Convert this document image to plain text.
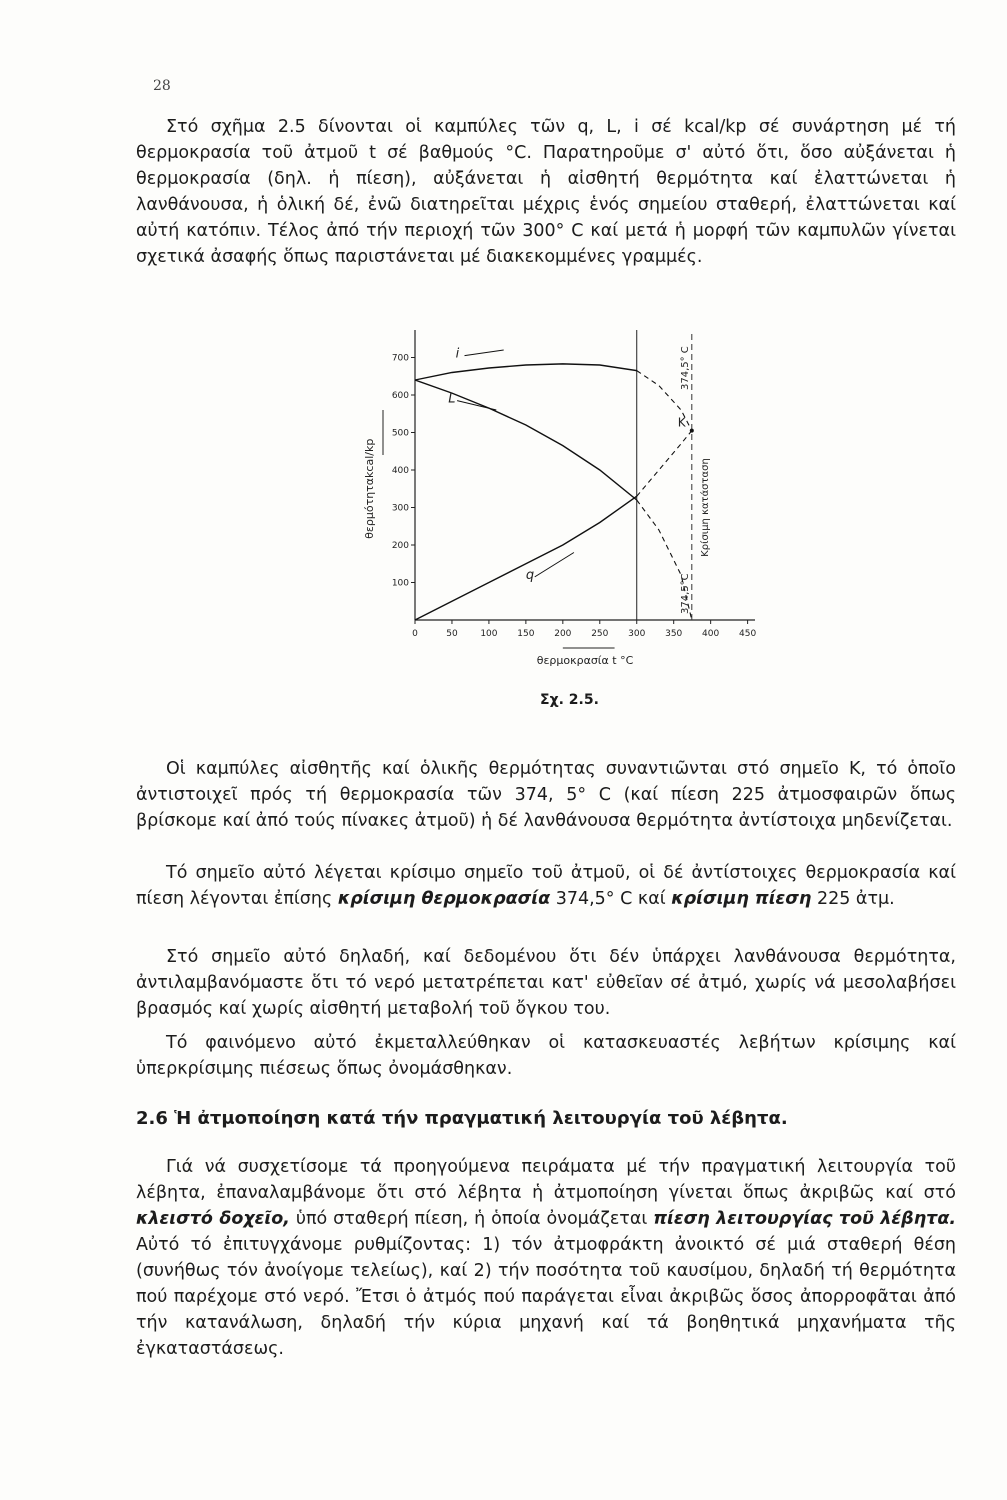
28

Στό σχῆμα 2.5 δίνονται οἱ καμπύλες τῶν q, L, i σέ kcal/kp σέ συνάρτηση μέ τή θερμοκρασία τοῦ ἀτμοῦ t σέ βαθμούς °C. Παρατηροῦμε σ' αὐτό ὅτι, ὅσο αὐξάνεται ἡ θερμοκρασία (δηλ. ἡ πίεση), αὐξάνεται ἡ αἰσθητή θερμότητα καί ἐλαττώνεται ἡ λανθάνουσα, ἡ ὁλική δέ, ἐνῶ διατηρεῖται μέχρις ἑνός σημείου σταθερή, ἐλαττώνεται καί αὐτή κατόπιν. Τέλος ἀπό τήν περιοχή τῶν 300° C καί μετά ἡ μορφή τῶν καμπυλῶν γίνεται σχετικά ἀσαφής ὅπως παριστάνεται μέ διακεκομμένες γραμμές.

0	50	100 150 200 250 300 350 400 450
100
200
300
400
500
600
700	i
L
q
K
θερμοκρασία t °C
θερμότηταkcal/kp
374,5° C
374,5°C
Κρίσιμη κατάσταση
Σχ. 2.5.

Οἱ καμπύλες αἰσθητῆς καί ὁλικῆς θερμότητας συναντιῶνται στό σημεῖο Κ, τό ὁποῖο ἀντιστοιχεῖ πρός τή θερμοκρασία τῶν 374, 5° C (καί πίεση 225 ἀτμοσφαιρῶν ὅπως βρίσκομε καί ἀπό τούς πίνακες ἀτμοῦ) ἡ δέ λανθάνουσα θερμότητα ἀντίστοιχα μηδενίζεται.

Τό σημεῖο αὐτό λέγεται κρίσιμο σημεῖο τοῦ ἀτμοῦ, οἱ δέ ἀντίστοιχες θερμοκρασία καί πίεση λέγονται ἐπίσης κρίσιμη θερμοκρασία 374,5° C καί κρίσιμη πίεση 225 ἀτμ.

Στό σημεῖο αὐτό δηλαδή, καί δεδομένου ὅτι δέν ὑπάρχει λανθάνουσα θερμότητα, ἀντιλαμβανόμαστε ὅτι τό νερό μετατρέπεται κατ' εὐθεῖαν σέ ἀτμό, χωρίς νά μεσολαβήσει βρασμός καί χωρίς αἰσθητή μεταβολή τοῦ ὄγκου του.

Τό φαινόμενο αὐτό ἐκμεταλλεύθηκαν οἱ κατασκευαστές λεβήτων κρίσιμης καί ὑπερκρίσιμης πιέσεως ὅπως ὀνομάσθηκαν.

2.6 Ἡ ἀτμοποίηση κατά τήν πραγματική λειτουργία τοῦ λέβητα.

Γιά νά συσχετίσομε τά προηγούμενα πειράματα μέ τήν πραγματική λειτουργία τοῦ λέβητα, ἐπαναλαμβάνομε ὅτι στό λέβητα ἡ ἀτμοποίηση γίνεται ὅπως ἀκριβῶς καί στό κλειστό δοχεῖο, ὑπό σταθερή πίεση, ἡ ὁποία ὀνομάζεται πίεση λειτουργίας τοῦ λέβητα. Αὐτό τό ἐπιτυγχάνομε ρυθμίζοντας: 1) τόν ἀτμοφράκτη ἀνοικτό σέ μιά σταθερή θέση (συνήθως τόν ἀνοίγομε τελείως), καί 2) τήν ποσότητα τοῦ καυσίμου, δηλαδή τή θερμότητα πού παρέχομε στό νερό. Ἔτσι ὁ ἀτμός πού παράγεται εἶναι ἀκριβῶς ὅσος ἀπορροφᾶται ἀπό τήν κατανάλωση, δηλαδή τήν κύρια μηχανή καί τά βοηθητικά μηχανήματα τῆς ἐγκαταστάσεως.
